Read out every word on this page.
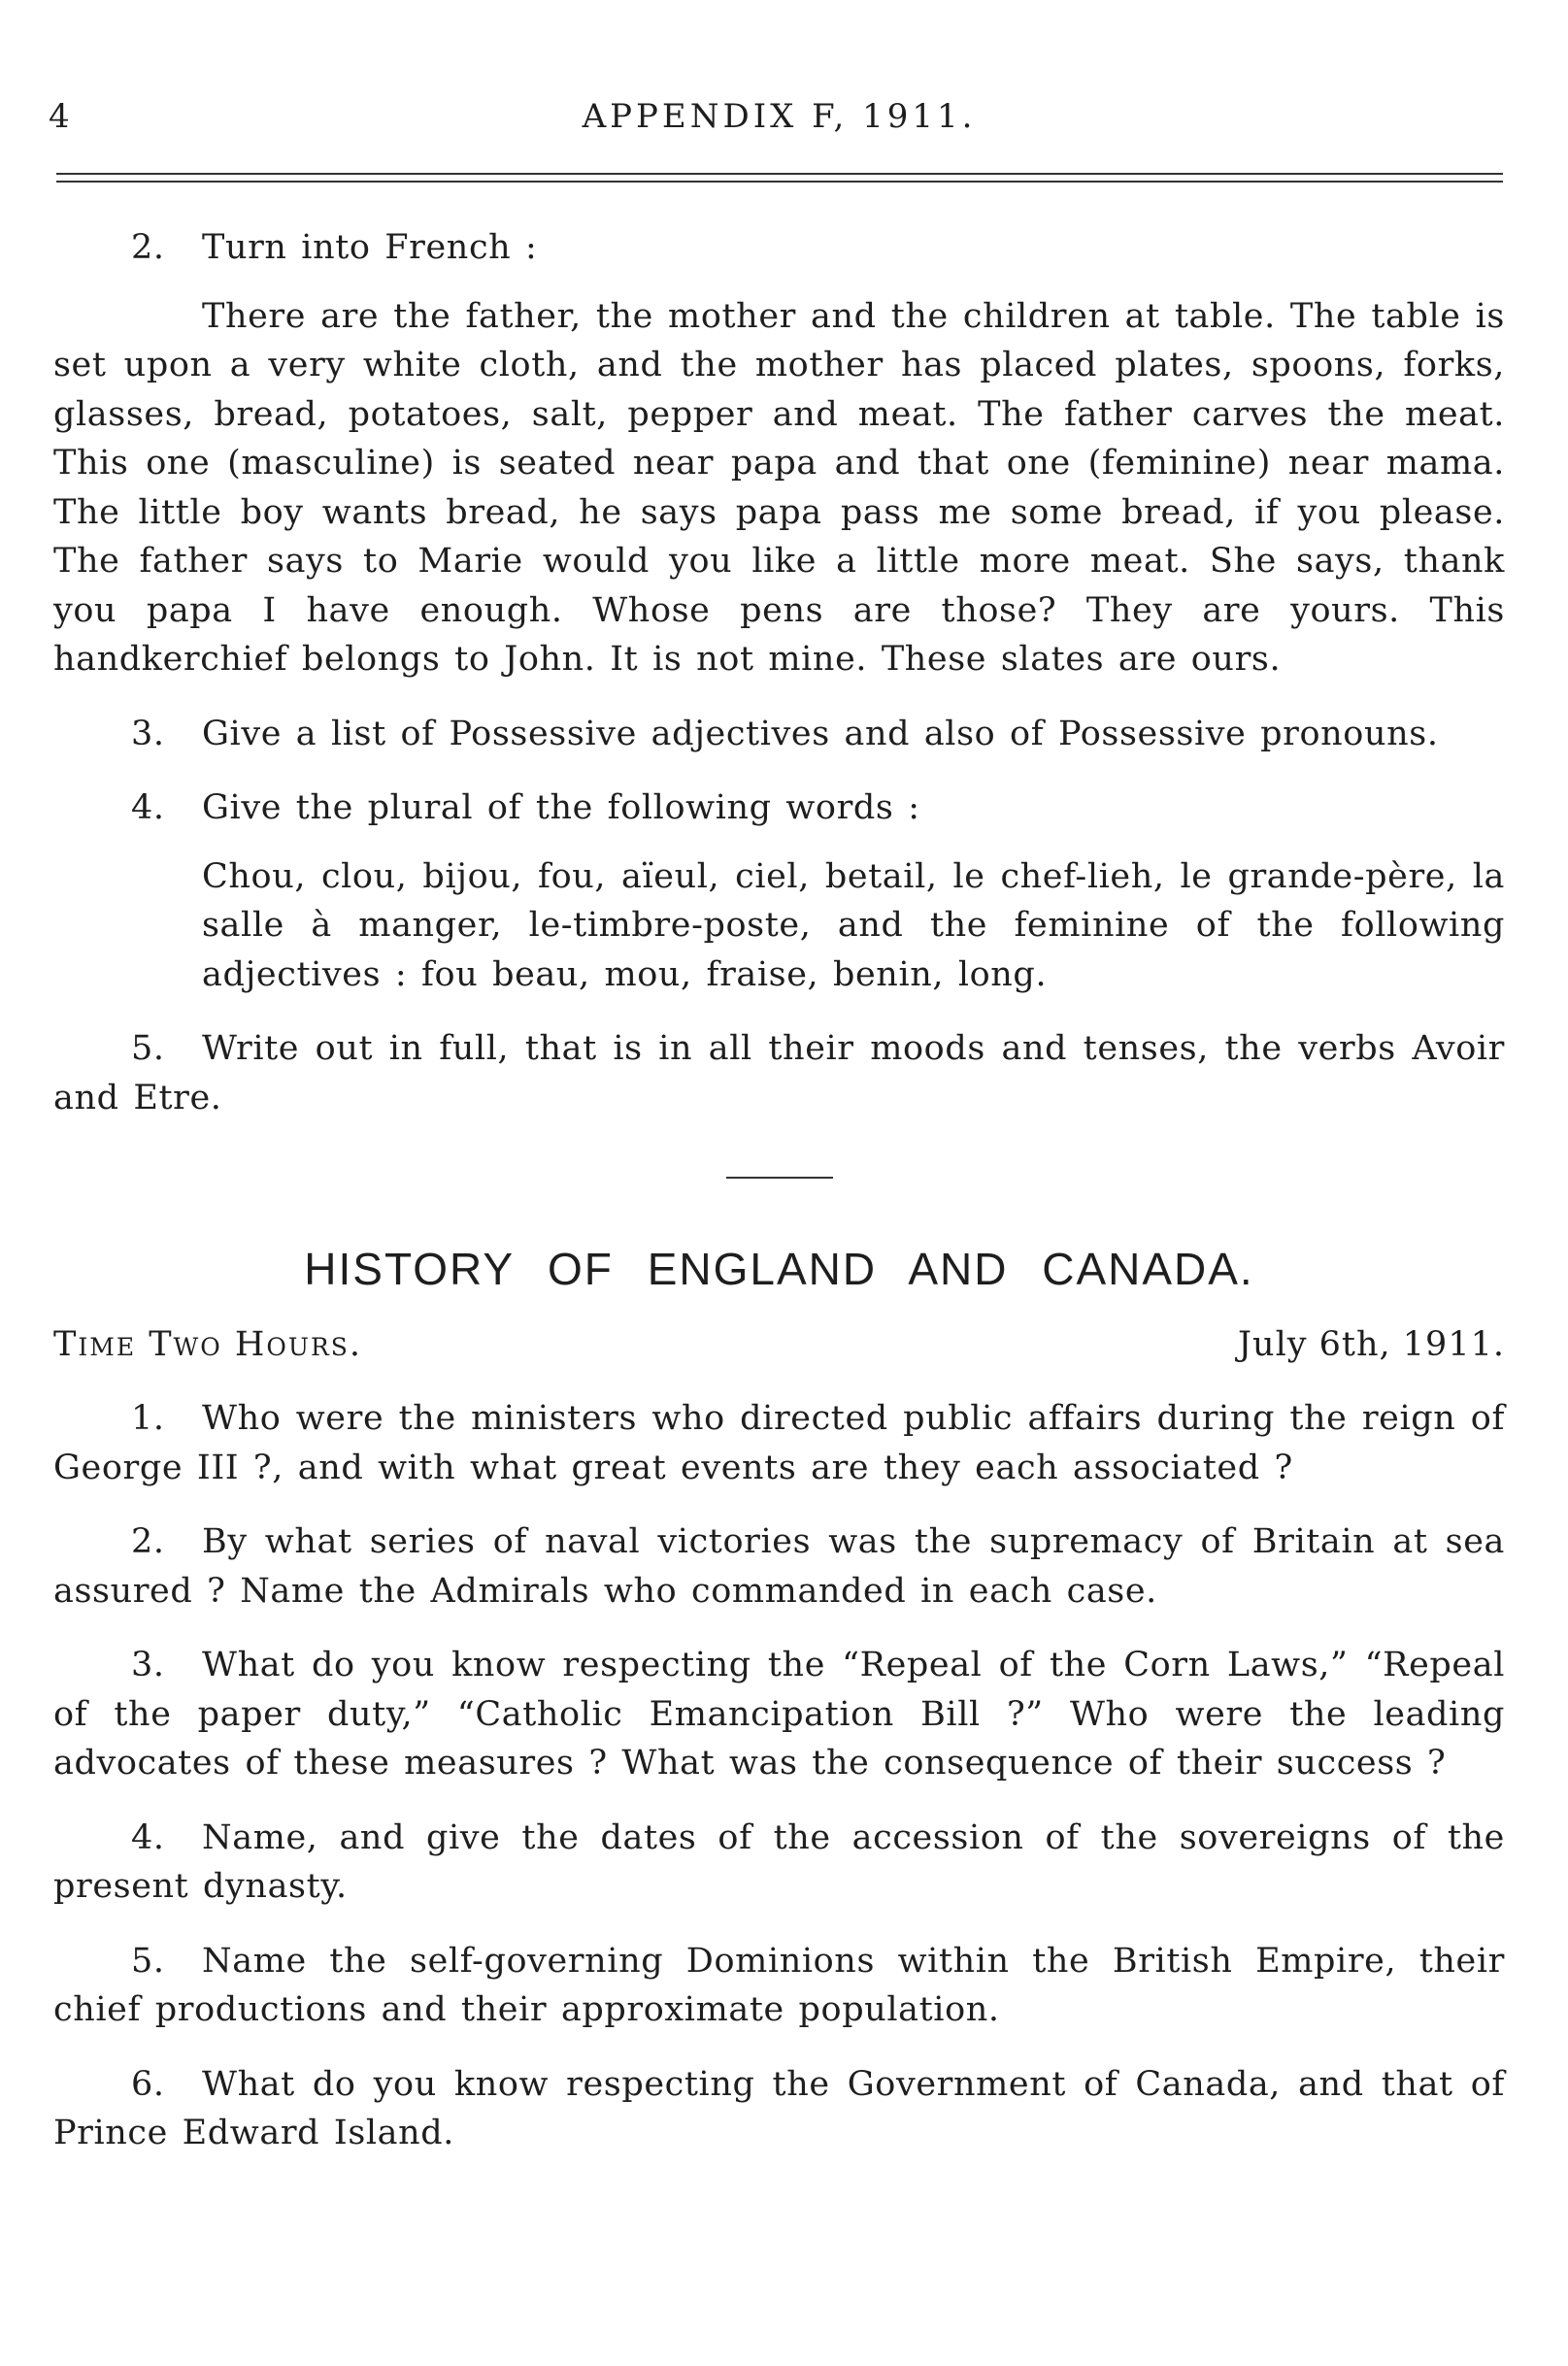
4	APPENDIX F, 1911.

2. Turn into French :

There are the father, the mother and the children at table. The table is set upon a very white cloth, and the mother has placed plates, spoons, forks, glasses, bread, potatoes, salt, pepper and meat. The father carves the meat. This one (masculine) is seated near papa and that one (feminine) near mama. The little boy wants bread, he says papa pass me some bread, if you please. The father says to Marie would you like a little more meat. She says, thank you papa I have enough. Whose pens are those? They are yours. This handkerchief belongs to John. It is not mine. These slates are ours.

3. Give a list of Possessive adjectives and also of Possessive pronouns.

4. Give the plural of the following words :

Chou, clou, bijou, fou, aïeul, ciel, betail, le chef-lieh, le grande-père, la salle à manger, le-timbre-poste, and the feminine of the following adjectives : fou beau, mou, fraise, benin, long.

5. Write out in full, that is in all their moods and tenses, the verbs Avoir and Etre.

HISTORY OF ENGLAND AND CANADA.
Time Two Hours.	July 6th, 1911.

1. Who were the ministers who directed public affairs during the reign of George III ?, and with what great events are they each associated ?

2. By what series of naval victories was the supremacy of Britain at sea assured ? Name the Admirals who commanded in each case.

3. What do you know respecting the “Repeal of the Corn Laws,” “Repeal of the paper duty,” “Catholic Emancipation Bill ?” Who were the leading advocates of these measures ? What was the consequence of their success ?

4. Name, and give the dates of the accession of the sovereigns of the present dynasty.

5. Name the self-governing Dominions within the British Empire, their chief productions and their approximate population.

6. What do you know respecting the Government of Canada, and that of Prince Edward Island.
